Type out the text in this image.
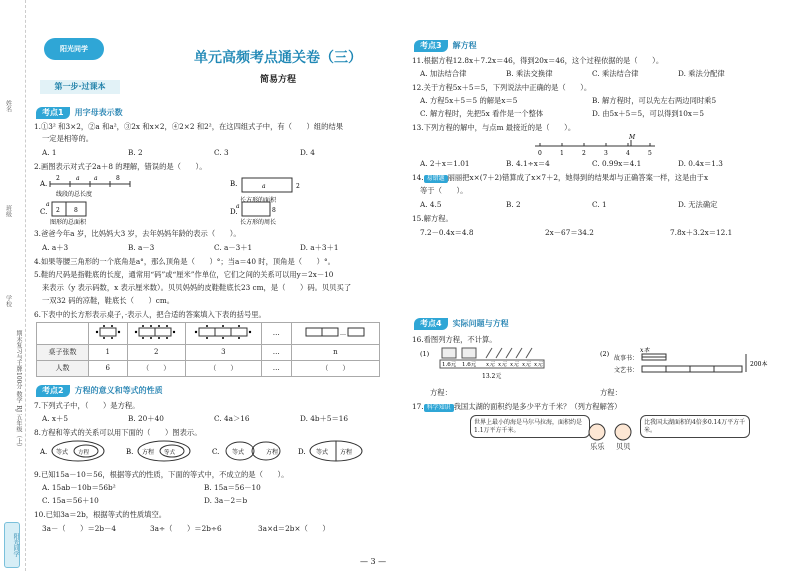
姓名
班级
学校
期末复习与王牌100分 数学 RJ 五年级（上）
阳光同学
阳光同学
第一步·过课本
单元高频考点通关卷（三）
简易方程
考点1	用字母表示数
1.①3² 和3×2，②a 和a²，③2x 和x×2，④2×2 和2²，在这四组式子中，有（　　）组的结果
一定是相等的。
A. 1	B. 2	C. 3	D. 4
2.画图表示对式子2a＋8 的理解，错误的是（　　）。
A.
2	a a	8
线段的总长度
B.	a	2
长方形的面积
C. 2 8
a
图形的总面积
D.	8
a
长方形的周长
3.爸爸今年a 岁，比妈妈大3 岁，去年妈妈年龄的表示（　　）。
A. a＋3	B. a－3	C. a－3＋1	D. a＋3＋1
4.如果等腰三角形的一个底角是a°，那么顶角是（　　）°；当a＝40 时，顶角是（　　）°。
5.鞋的尺码是指鞋底的长度，通常用“码”或“厘米”作单位，它们之间的关系可以用y＝2x－10
来表示（y 表示码数，x 表示厘米数）。贝贝妈妈的皮鞋鞋底长23 cm，是（　　）码。贝贝买了
一双32 码的凉鞋，鞋底长（　　）cm。
6.下表中的长方形表示桌子，·表示人，把合适的答案填入下表的括号里。
				…	…

桌子张数	1	2	3	…	n
人数	6	（　　）	（　　）	…	（　　）
考点2	方程的意义和等式的性质
7.下列式子中，（　　）是方程。
A. x＋5	B. 20＋40	C. 4a＞16	D. 4b＋5＝16
8.方程和等式的关系可以用下面的（　　）图表示。
A. 等式 方程	B. 方程 等式	C. 等式	方程	D. 等式 方程
9.已知15a－10＝56，根据等式的性质，下面的等式中，不成立的是（　　）。
A. 15ab－10b＝56b²	B. 15a＝56－10
C. 15a＝56＋10	D. 3a－2＝b
10.已知3a＝2b，根据等式的性质填空。
3a－（　　）＝2b－4	3a÷（　　）＝2b÷6	3a×d＝2b×（　　）
考点3	解方程
11.根据方程12.8x＋7.2x＝46，得到20x＝46，这个过程依据的是（　　）。
A. 加法结合律	B. 乘法交换律	C. 乘法结合律	D. 乘法分配律
12.关于方程5x＋5＝5，下列说法中正确的是（　　）。
A. 方程5x＋5＝5 的解是x＝5	B. 解方程时，可以先左右两边同时乘5
C. 解方程时，先把5x 看作是一个整体	D. 由5x＋5＝5，可以得到10x＝5
13.下列方程的解中，与点m 最接近的是（　　）。
M
0	1	2	3	4	5
A. 2＋x＝1.01	B. 4.1÷x＝4	C. 0.99x＝4.1	D. 0.4x＝1.3
14. 易错题 丽丽把x×(7＋2)错算成了x×7＋2，她得到的结果却与正确答案一样，这是由于x
等于（　　）。
A. 4.5	B. 2	C. 1	D. 无法确定
15.解方程。
7.2－0.4x＝4.8	2x－67＝34.2	7.8x＋3.2x＝12.1
考点4	实际问题与方程
16.看图列方程，不计算。
(1)
1.6元 1.6元 x元 x元 x元 x元 x元
13.2元
(2)	x本
故事书：
文艺书：
200本
方程：	方程：
17. 科学知识 我国太湖的面积约是多少平方千米？（列方程解答）
世界上最小的海是马尔马拉海，面积约是1.1万平方千米。
比我国太湖面积的4倍多0.14万平方千米。
乐乐 贝贝
— 3 —
